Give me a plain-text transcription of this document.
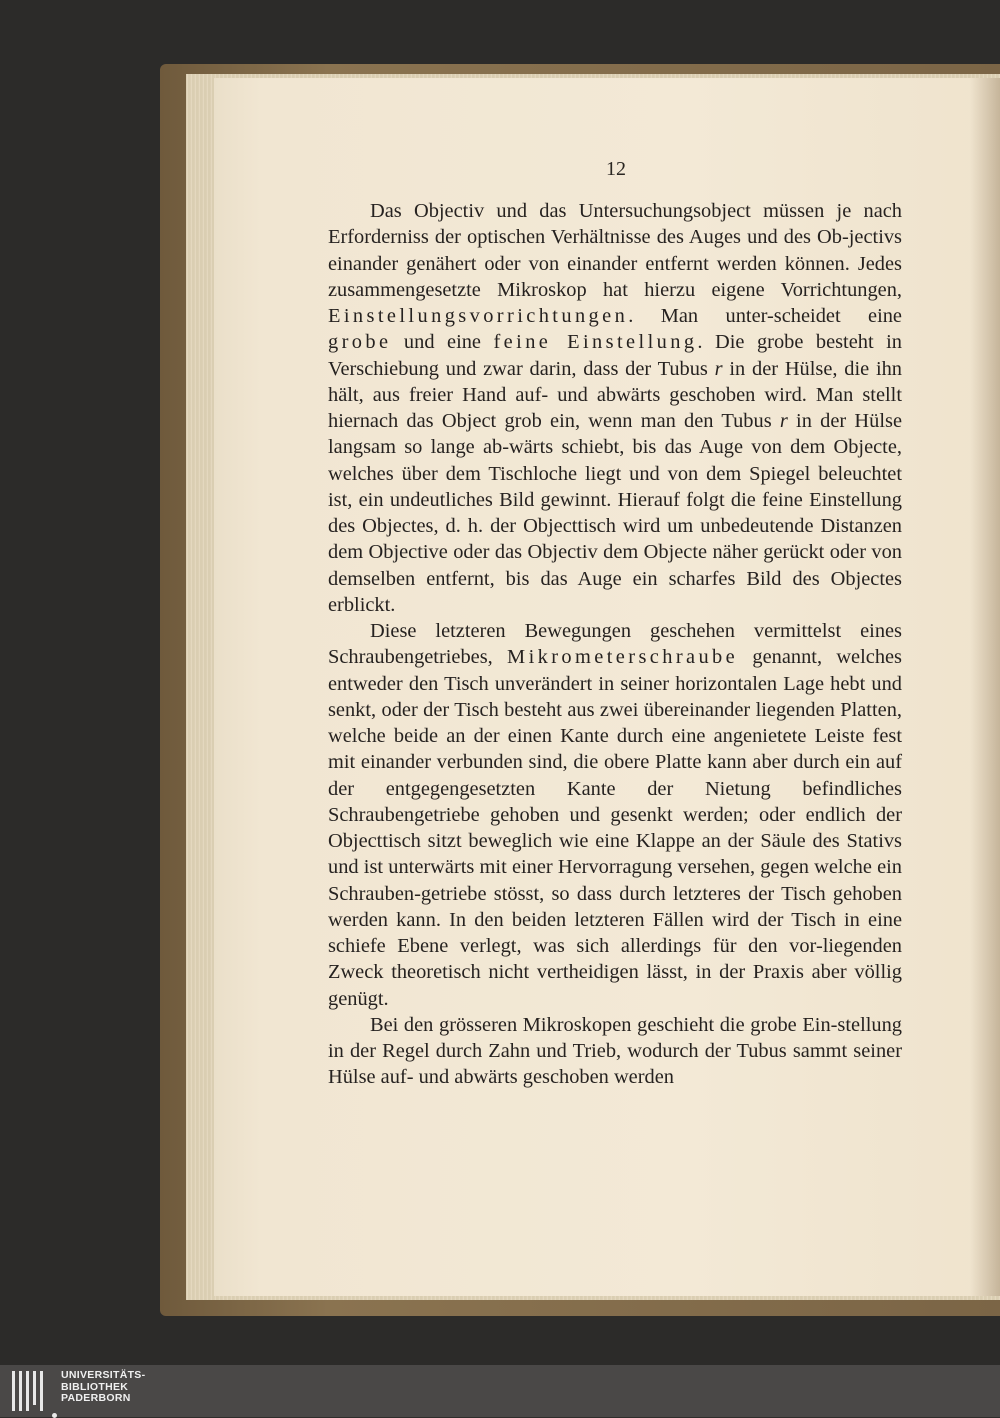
12

Das Objectiv und das Untersuchungsobject müssen je nach Erforderniss der optischen Verhältnisse des Auges und des Ob-jectivs einander genähert oder von einander entfernt werden können. Jedes zusammengesetzte Mikroskop hat hierzu eigene Vorrichtungen, Einstellungsvorrichtungen. Man unter-scheidet eine grobe und eine feine Einstellung. Die grobe besteht in Verschiebung und zwar darin, dass der Tubus r in der Hülse, die ihn hält, aus freier Hand auf- und abwärts geschoben wird. Man stellt hiernach das Object grob ein, wenn man den Tubus r in der Hülse langsam so lange ab-wärts schiebt, bis das Auge von dem Objecte, welches über dem Tischloche liegt und von dem Spiegel beleuchtet ist, ein undeutliches Bild gewinnt. Hierauf folgt die feine Einstellung des Objectes, d. h. der Objecttisch wird um unbedeutende Distanzen dem Objective oder das Objectiv dem Objecte näher gerückt oder von demselben entfernt, bis das Auge ein scharfes Bild des Objectes erblickt.

Diese letzteren Bewegungen geschehen vermittelst eines Schraubengetriebes, Mikrometerschraube genannt, welches entweder den Tisch unverändert in seiner horizontalen Lage hebt und senkt, oder der Tisch besteht aus zwei übereinander liegenden Platten, welche beide an der einen Kante durch eine angenietete Leiste fest mit einander verbunden sind, die obere Platte kann aber durch ein auf der entgegengesetzten Kante der Nietung befindliches Schraubengetriebe gehoben und gesenkt werden; oder endlich der Objecttisch sitzt beweglich wie eine Klappe an der Säule des Stativs und ist unterwärts mit einer Hervorragung versehen, gegen welche ein Schrauben-getriebe stösst, so dass durch letzteres der Tisch gehoben werden kann. In den beiden letzteren Fällen wird der Tisch in eine schiefe Ebene verlegt, was sich allerdings für den vor-liegenden Zweck theoretisch nicht vertheidigen lässt, in der Praxis aber völlig genügt.

Bei den grösseren Mikroskopen geschieht die grobe Ein-stellung in der Regel durch Zahn und Trieb, wodurch der Tubus sammt seiner Hülse auf- und abwärts geschoben werden

UNIVERSITÄTS-
BIBLIOTHEK
PADERBORN
